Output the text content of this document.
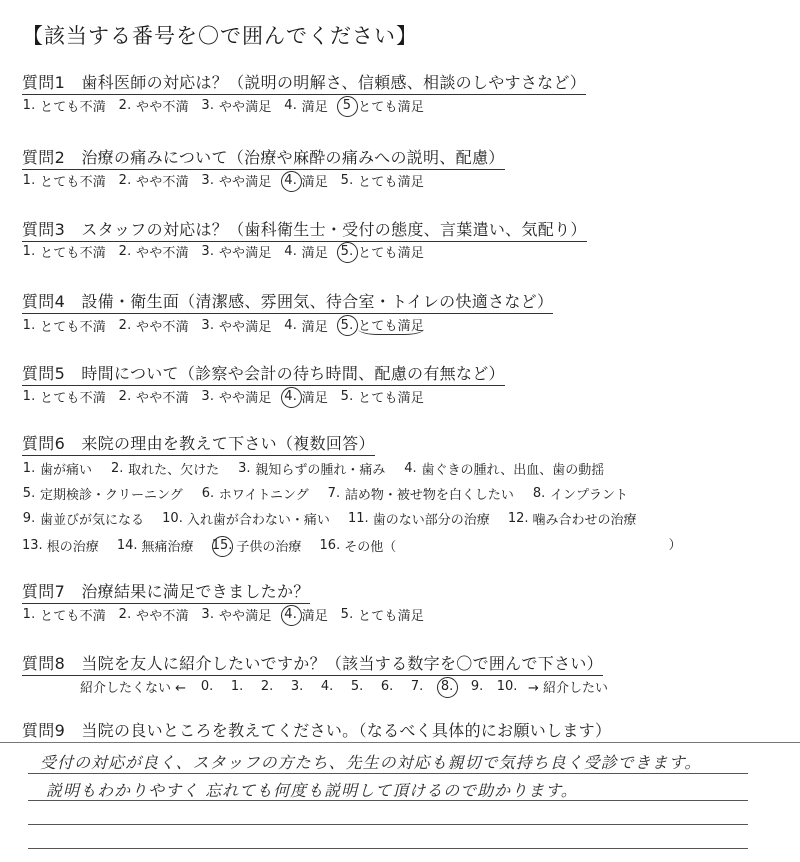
【該当する番号を〇で囲んでください】
質問1　歯科医師の対応は？（説明の明解さ、信頼感、相談のしやすさなど）
1. とても不満 2. やや不満 3. やや満足 4. 満足 5 とても満足
質問2　治療の痛みについて（治療や麻酔の痛みへの説明、配慮）
1. とても不満 2. やや不満 3. やや満足 4. 満足 5. とても満足
質問3　スタッフの対応は？（歯科衛生士・受付の態度、言葉遣い、気配り）
1. とても不満 2. やや不満 3. やや満足 4. 満足 5. とても満足
質問4　設備・衛生面（清潔感、雰囲気、待合室・トイレの快適さなど）
1. とても不満 2. やや不満 3. やや満足 4. 満足 5. とても満足
質問5　時間について（診察や会計の待ち時間、配慮の有無など）
1. とても不満 2. やや不満 3. やや満足 4. 満足 5. とても満足
質問6　来院の理由を教えて下さい（複数回答）
1. 歯が痛い
2. 取れた、欠けた
3. 親知らずの腫れ・痛み
4. 歯ぐきの腫れ、出血、歯の動揺
5. 定期検診・クリーニング
6. ホワイトニング
7. 詰め物・被せ物を白くしたい
8. インプラント
9. 歯並びが気になる
10. 入れ歯が合わない・痛い
11. 歯のない部分の治療
12. 噛み合わせの治療
13. 根の治療
14. 無痛治療
15. 子供の治療
16. その他（	）
質問7　治療結果に満足できましたか？
1. とても不満 2. やや不満 3. やや満足 4. 満足 5. とても満足
質問8　当院を友人に紹介したいですか？（該当する数字を〇で囲んで下さい）
紹介したくない ←	0.	1.	2.	3.	4.	5.	6.	7.	8.	9.	10. → 紹介したい
質問9　当院の良いところを教えてください。（なるべく具体的にお願いします）
受付の対応が良く、スタッフの方たち、先生の対応も親切で気持ち良く受診できます。
説明もわかりやすく 忘れても何度も説明して頂けるので助かります。
